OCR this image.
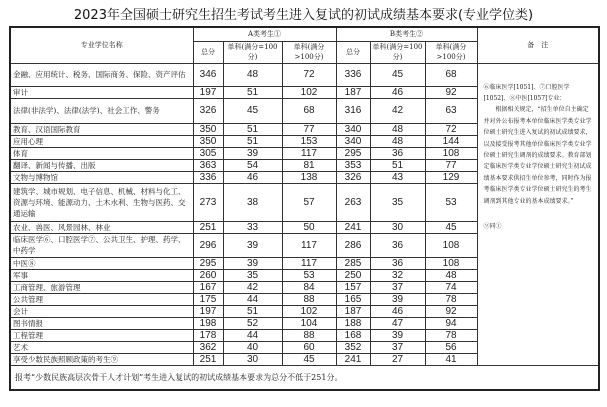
2023年全国硕士研究生招生考试考生进入复试的初试成绩基本要求(专业学位类)
专业学位名称	A类考生①			B类考生②			备　注
	总分	单科(满分=100分)	单科(满分>100分)	总分	单科(满分=100分)	单科(满分>100分)	
金融、应用统计、税务、国际商务、保险、资产评估	346	48	72	336	45	68	⑥临床医学[1051]、⑦口腔医学[1052]、⑧中医[1057]专业：

　　根据相关规定，“招生单位自主确定并对外公布报考本单位临床医学类专业学位硕士研究生进入复试的初试成绩要求，以及接受报考其他单位临床医学类专业学位硕士研究生调剂的成绩要求。教育部划定临床医学类专业学位硕士研究生初试成绩基本要求供招生单位参考，同时作为报考临床医学类专业学位硕士研究生的考生调剂到其他专业的基本成绩要求。”

⑨同①

审计	197	51	102	187	46	92	
法律(非法学)、法律(法学)、社会工作、警务	326	45	68	316	42	63	
教育、汉语国际教育	350	51	77	340	48	72	
应用心理	350	51	153	340	48	144	
体育	305	39	117	295	36	108	
翻译、新闻与传播、出版	363	54	81	353	51	77	
文物与博物馆	336	46	138	326	43	129	
建筑学、城市规划、电子信息、机械、材料与化工、资源与环境、能源动力、土木水利、生物与医药、交通运输	273	38	57	263	35	53	
农业、兽医、风景园林、林业	251	33	50	241	30	45	
临床医学⑥、口腔医学⑦、公共卫生、护理、药学、中药学	296	39	117	286	36	108	
中医⑧	295	39	117	285	36	108	
军事	260	35	53	250	32	48	
工商管理、旅游管理	167	42	84	157	37	74	
公共管理	175	44	88	165	39	78	
会计	197	51	102	187	46	92	
图书情报	198	52	104	188	47	94	
工程管理	178	44	88	168	39	78	
艺术	362	40	60	352	37	56	
享受少数民族照顾政策的考生⑨	251	30	45	241	27	41	
报考“少数民族高层次骨干人才计划”考生进入复试的初试成绩基本要求为总分不低于251分。							
